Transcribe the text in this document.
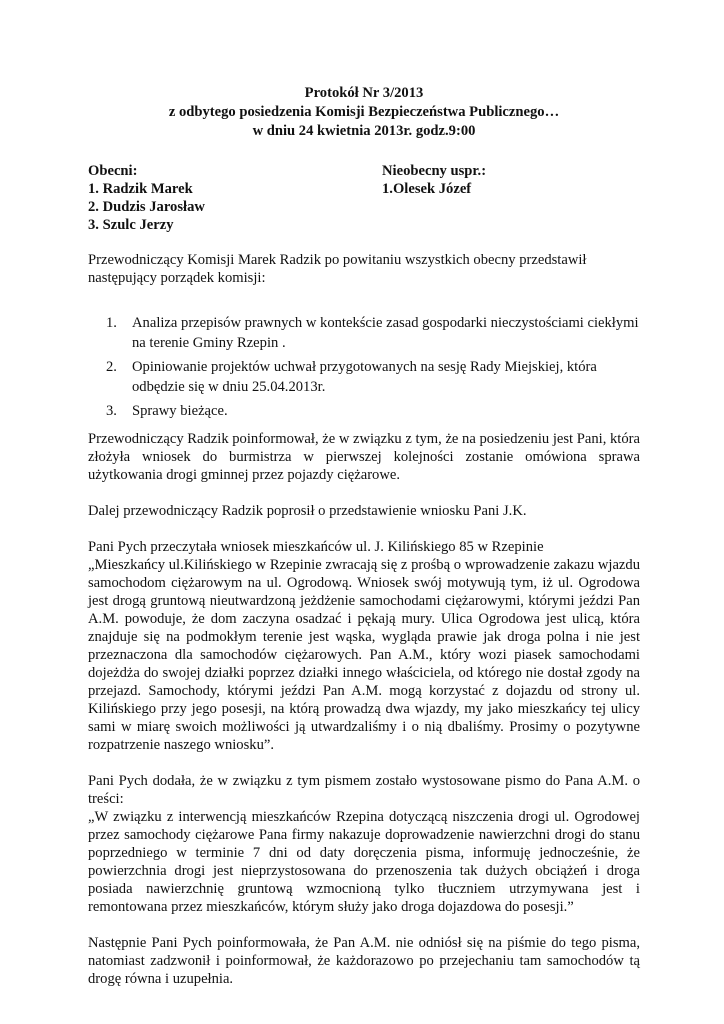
Protokół Nr 3/2013
z odbytego posiedzenia Komisji Bezpieczeństwa Publicznego…
w dniu 24 kwietnia 2013r. godz.9:00
Obecni:
1. Radzik Marek
2. Dudzis Jarosław
3. Szulc Jerzy
Nieobecny uspr.:
1.Olesek Józef

Przewodniczący Komisji Marek Radzik po powitaniu wszystkich obecny przedstawił następujący porządek komisji:

1. Analiza przepisów prawnych w kontekście zasad gospodarki nieczystościami ciekłymi na terenie Gminy Rzepin .
2. Opiniowanie projektów uchwał przygotowanych na sesję Rady Miejskiej, która odbędzie się w dniu 25.04.2013r.
3. Sprawy bieżące.

Przewodniczący Radzik poinformował, że w związku z tym, że na posiedzeniu jest Pani, która złożyła wniosek do burmistrza w pierwszej kolejności zostanie omówiona sprawa użytkowania drogi gminnej przez pojazdy ciężarowe.

Dalej przewodniczący Radzik poprosił o przedstawienie wniosku Pani J.K.

Pani Pych przeczytała wniosek mieszkańców ul. J. Kilińskiego 85 w Rzepinie

„Mieszkańcy ul.Kilińskiego w Rzepinie zwracają się z prośbą o wprowadzenie zakazu wjazdu samochodom ciężarowym na ul. Ogrodową. Wniosek swój motywują tym, iż ul. Ogrodowa jest drogą gruntową nieutwardzoną jeżdżenie samochodami ciężarowymi, którymi jeździ Pan A.M. powoduje, że dom zaczyna osadzać i pękają mury. Ulica Ogrodowa jest ulicą, która znajduje się na podmokłym terenie jest wąska, wygląda prawie jak droga polna i nie jest przeznaczona dla samochodów ciężarowych. Pan A.M., który wozi piasek samochodami dojeżdża do swojej działki poprzez działki innego właściciela, od którego nie dostał zgody na przejazd. Samochody, którymi jeździ Pan A.M. mogą korzystać z dojazdu od strony ul. Kilińskiego przy jego posesji, na którą prowadzą dwa wjazdy, my jako mieszkańcy tej ulicy sami w miarę swoich możliwości ją utwardzaliśmy i o nią dbaliśmy. Prosimy o pozytywne rozpatrzenie naszego wniosku”.

Pani Pych dodała, że w związku z tym pismem zostało wystosowane pismo do Pana A.M. o treści:

„W związku z interwencją mieszkańców Rzepina dotyczącą niszczenia drogi ul. Ogrodowej przez samochody ciężarowe Pana firmy nakazuje doprowadzenie nawierzchni drogi do stanu poprzedniego w terminie 7 dni od daty doręczenia pisma, informuję jednocześnie, że powierzchnia drogi jest nieprzystosowana do przenoszenia tak dużych obciążeń i droga posiada nawierzchnię gruntową wzmocnioną tylko tłuczniem utrzymywana jest i remontowana przez mieszkańców, którym służy jako droga dojazdowa do posesji.”

Następnie Pani Pych poinformowała, że Pan A.M. nie odniósł się na piśmie do tego pisma, natomiast zadzwonił i poinformował, że każdorazowo po przejechaniu tam samochodów tą drogę równa i uzupełnia.
